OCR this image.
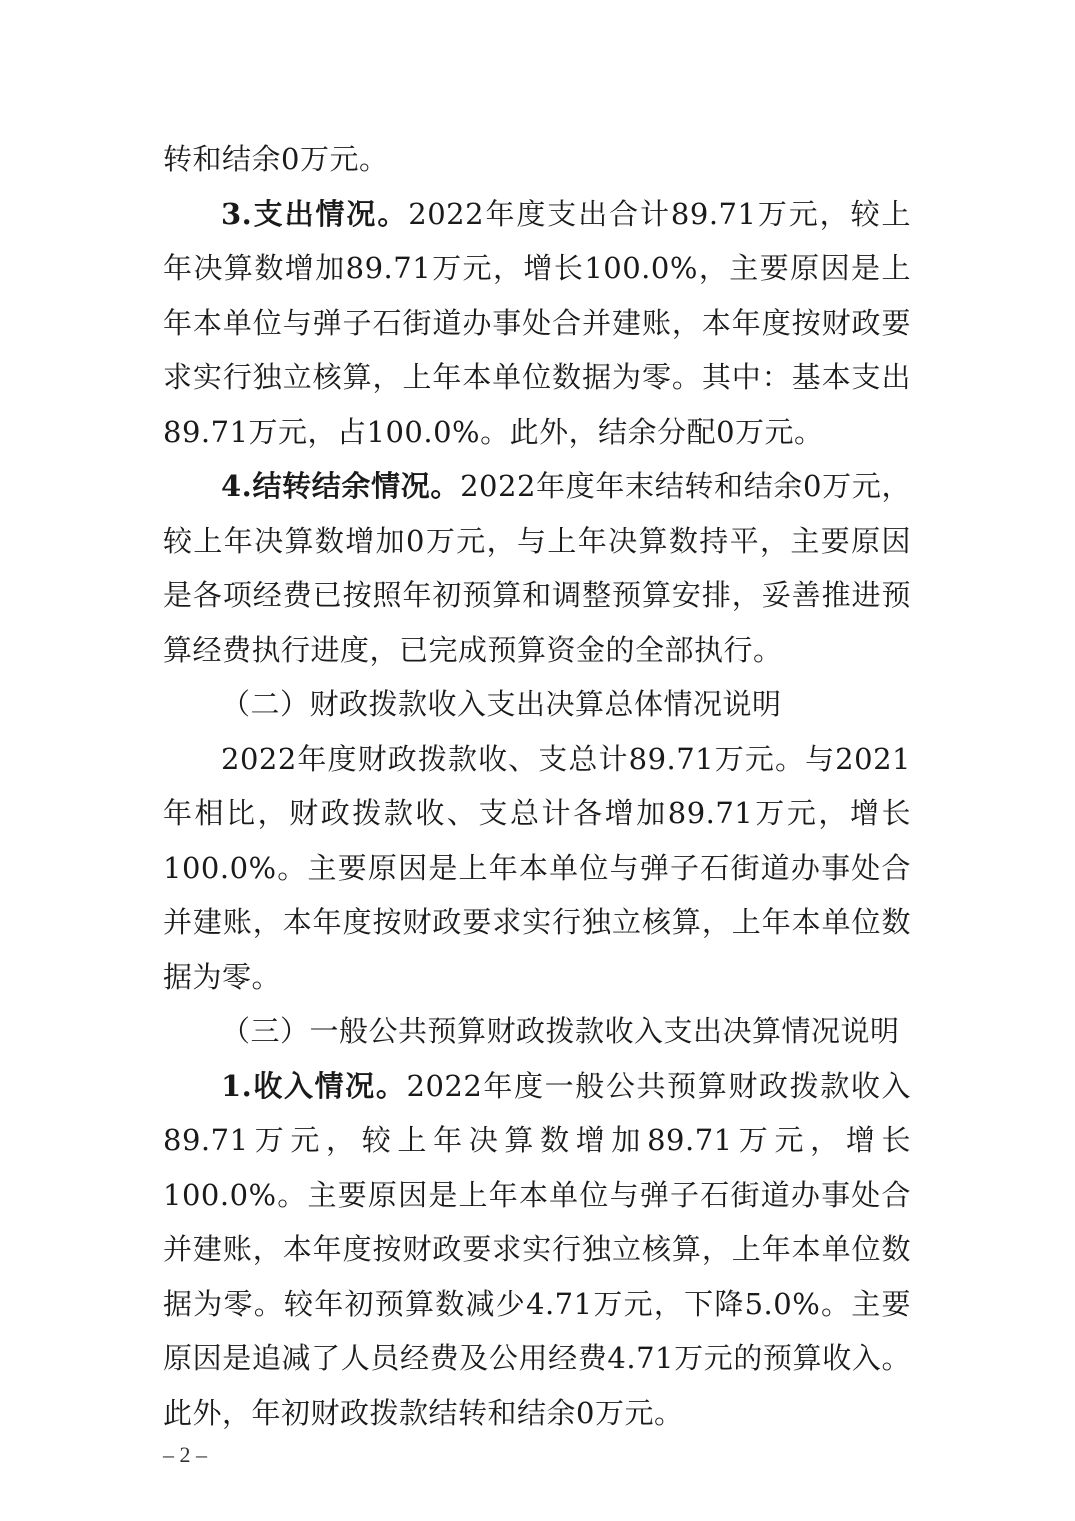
转和结余0万元。

3.支出情况。2022年度支出合计89.71万元，较上年决算数增加89.71万元，增长100.0%，主要原因是上年本单位与弹子石街道办事处合并建账，本年度按财政要求实行独立核算，上年本单位数据为零。其中：基本支出89.71万元，占100.0%。此外，结余分配0万元。

4.结转结余情况。2022年度年末结转和结余0万元，较上年决算数增加0万元，与上年决算数持平，主要原因是各项经费已按照年初预算和调整预算安排，妥善推进预算经费执行进度，已完成预算资金的全部执行。

（二）财政拨款收入支出决算总体情况说明

2022年度财政拨款收、支总计89.71万元。与2021年相比，财政拨款收、支总计各增加89.71万元，增长100.0%。主要原因是上年本单位与弹子石街道办事处合并建账，本年度按财政要求实行独立核算，上年本单位数据为零。

（三）一般公共预算财政拨款收入支出决算情况说明

1.收入情况。2022年度一般公共预算财政拨款收入89.71万元，较上年决算数增加89.71万元，增长100.0%。主要原因是上年本单位与弹子石街道办事处合并建账，本年度按财政要求实行独立核算，上年本单位数据为零。较年初预算数减少4.71万元，下降5.0%。主要原因是追减了人员经费及公用经费4.71万元的预算收入。此外，年初财政拨款结转和结余0万元。

– 2 –
